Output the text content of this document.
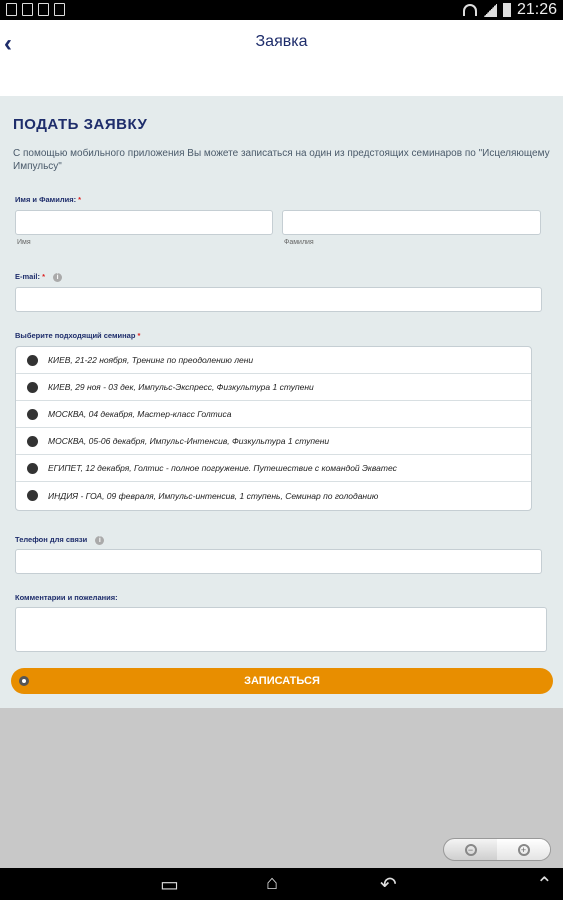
21:26
‹	Заявка
ПОДАТЬ ЗАЯВКУ
С помощью мобильного приложения Вы можете записаться на один из предстоящих семинаров по "Исцеляющему Импульсу"
Имя и Фамилия: *
Имя	Фамилия
E-mail: * i
Выберите подходящий семинар *
КИЕВ, 21-22 ноября, Тренинг по преодолению лени
КИЕВ, 29 ноя - 03 дек, Импульс-Экспресс, Физкультура 1 ступени
МОСКВА, 04 декабря, Мастер-класс Голтиса
МОСКВА, 05-06 декабря, Импульс-Интенсив, Физкультура 1 ступени
ЕГИПЕТ, 12 декабря, Голтис - полное погружение. Путешествие с командой Экватес
ИНДИЯ - ГОА, 09 февраля, Импульс-интенсив, 1 ступень, Семинар по голоданию
Телефон для связи i
Комментарии и пожелания:
ЗАПИСАТЬСЯ
−	+
▭	⌂	↶	⌃
